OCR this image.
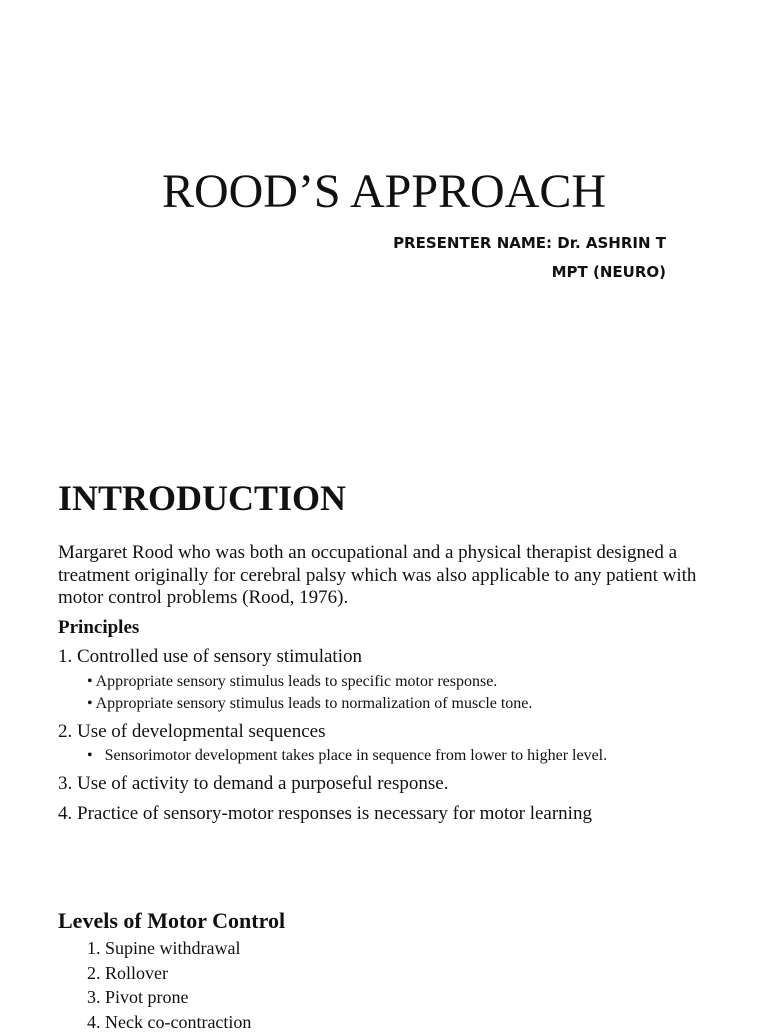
ROOD’S APPROACH
PRESENTER NAME: Dr. ASHRIN T
MPT (NEURO)
INTRODUCTION

Margaret Rood who was both an occupational and a physical therapist designed a treatment originally for cerebral palsy which was also applicable to any patient with motor control problems (Rood, 1976).

Principles
1. Controlled use of sensory stimulation
• Appropriate sensory stimulus leads to specific motor response.
• Appropriate sensory stimulus leads to normalization of muscle tone.
2. Use of developmental sequences
• Sensorimotor development takes place in sequence from lower to higher level.
3. Use of activity to demand a purposeful response.
4. Practice of sensory-motor responses is necessary for motor learning
Levels of Motor Control
1. Supine withdrawal
2. Rollover
3. Pivot prone
4. Neck co-contraction
